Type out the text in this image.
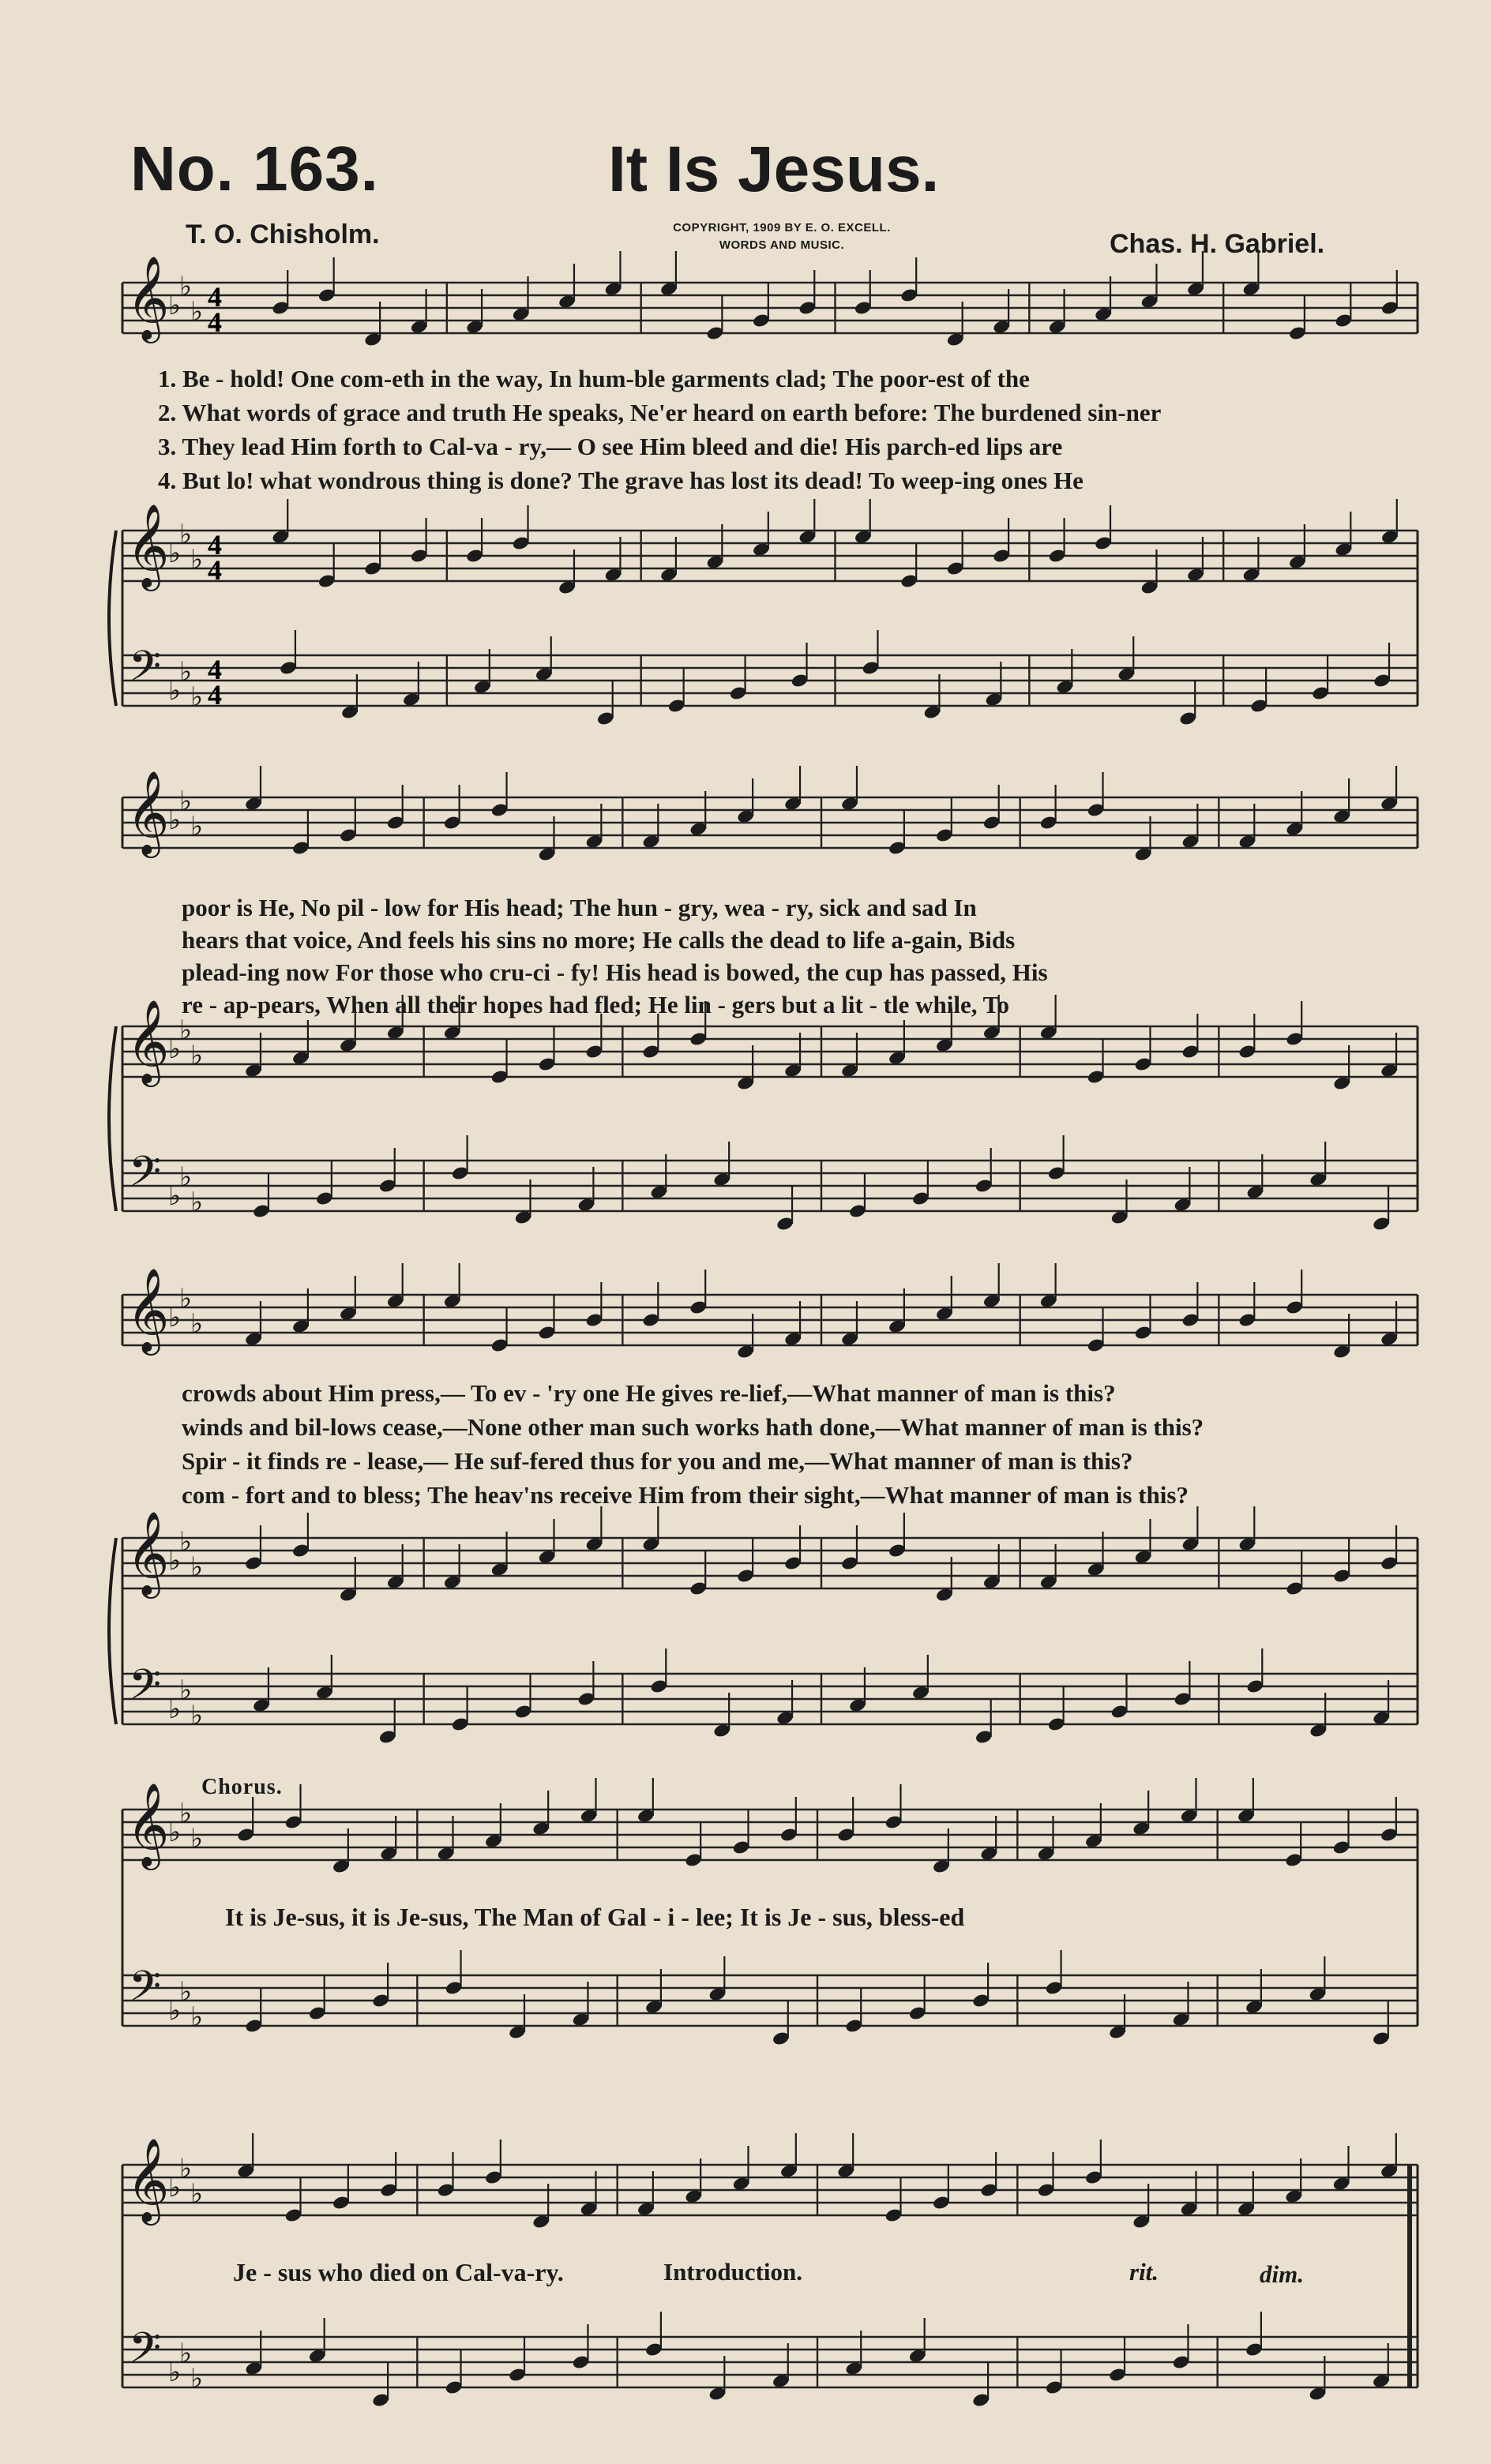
No. 163.	It Is Jesus.
T. O. Chisholm.	COPYRIGHT, 1909 BY E. O. EXCELL.
WORDS AND MUSIC.	Chas. H. Gabriel.
𝄞
𝄞
𝄢
♭
♭
♭
♭
♭
♭
♭
♭
♭
4
4
4
4
4
4
𝄞
𝄞
𝄢
♭
♭
♭
♭
♭
♭
♭
♭
♭
𝄞
𝄞
𝄢
♭
♭
♭
♭
♭
♭
♭
♭
♭
𝄞
𝄢
♭
♭
♭
♭
♭
♭
𝄞
𝄢
♭
♭
♭
♭
♭
♭
1. Be - hold! One com-eth in the way, In hum-ble garments clad; The poor-est of the
2. What words of grace and truth He speaks, Ne'er heard on earth before: The burdened sin-ner
3. They lead Him forth to Cal-va - ry,— O see Him bleed and die! His parch-ed lips are
4. But lo! what wondrous thing is done? The grave has lost its dead! To weep-ing ones He
poor is He, No pil - low for His head; The hun - gry, wea - ry, sick and sad In
hears that voice, And feels his sins no more; He calls the dead to life a-gain, Bids
plead-ing now For those who cru-ci - fy! His head is bowed, the cup has passed, His
re - ap-pears, When all their hopes had fled; He lin - gers but a lit - tle while, To
crowds about Him press,— To ev - 'ry one He gives re-lief,—What manner of man is this?
winds and bil-lows cease,—None other man such works hath done,—What manner of man is this?
Spir - it finds re - lease,— He suf-fered thus for you and me,—What manner of man is this?
com - fort and to bless; The heav'ns receive Him from their sight,—What manner of man is this?
Chorus.
It is Je-sus, it is Je-sus, The Man of Gal - i - lee; It is Je - sus, bless-ed
Je - sus who died on Cal-va-ry.	Introduction.	rit.	dim.
